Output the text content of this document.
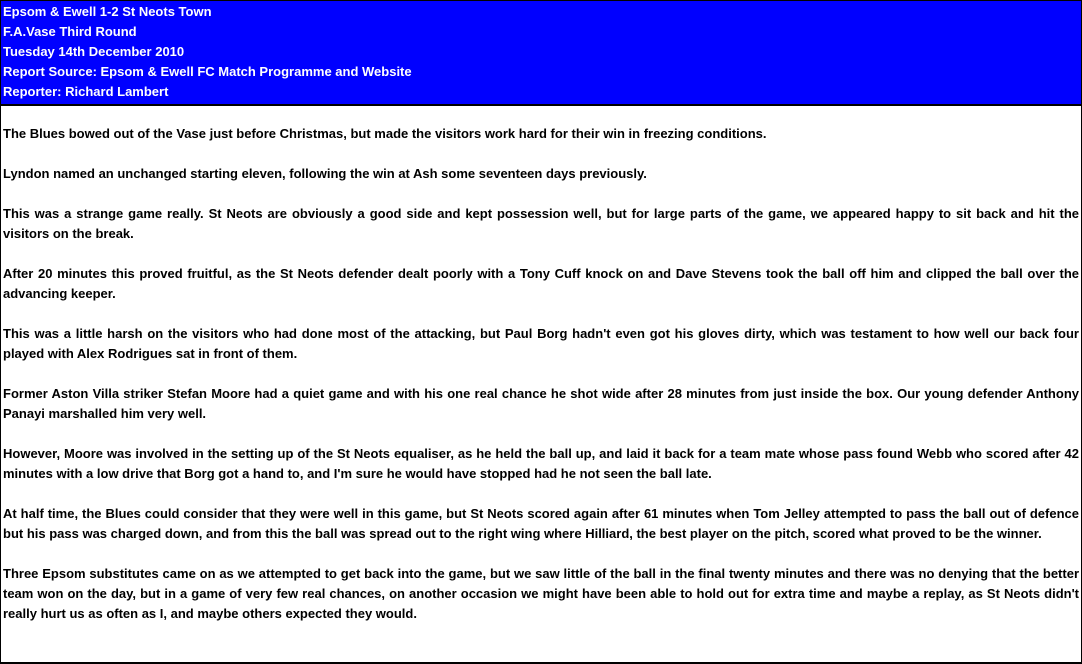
Epsom & Ewell 1-2 St Neots Town
F.A.Vase Third Round
Tuesday 14th December 2010
Report Source: Epsom & Ewell FC Match Programme and Website
Reporter: Richard Lambert

The Blues bowed out of the Vase just before Christmas, but made the visitors work hard for their win in freezing conditions.

Lyndon named an unchanged starting eleven, following the win at Ash some seventeen days previously.

This was a strange game really. St Neots are obviously a good side and kept possession well, but for large parts of the game, we appeared happy to sit back and hit the visitors on the break.

After 20 minutes this proved fruitful, as the St Neots defender dealt poorly with a Tony Cuff knock on and Dave Stevens took the ball off him and clipped the ball over the advancing keeper.

This was a little harsh on the visitors who had done most of the attacking, but Paul Borg hadn't even got his gloves dirty, which was testament to how well our back four played with Alex Rodrigues sat in front of them.

Former Aston Villa striker Stefan Moore had a quiet game and with his one real chance he shot wide after 28 minutes from just inside the box. Our young defender Anthony Panayi marshalled him very well.

However, Moore was involved in the setting up of the St Neots equaliser, as he held the ball up, and laid it back for a team mate whose pass found Webb who scored after 42 minutes with a low drive that Borg got a hand to, and I'm sure he would have stopped had he not seen the ball late.

At half time, the Blues could consider that they were well in this game, but St Neots scored again after 61 minutes when Tom Jelley attempted to pass the ball out of defence but his pass was charged down, and from this the ball was spread out to the right wing where Hilliard, the best player on the pitch, scored what proved to be the winner.

Three Epsom substitutes came on as we attempted to get back into the game, but we saw little of the ball in the final twenty minutes and there was no denying that the better team won on the day, but in a game of very few real chances, on another occasion we might have been able to hold out for extra time and maybe a replay, as St Neots didn't really hurt us as often as I, and maybe others expected they would.
